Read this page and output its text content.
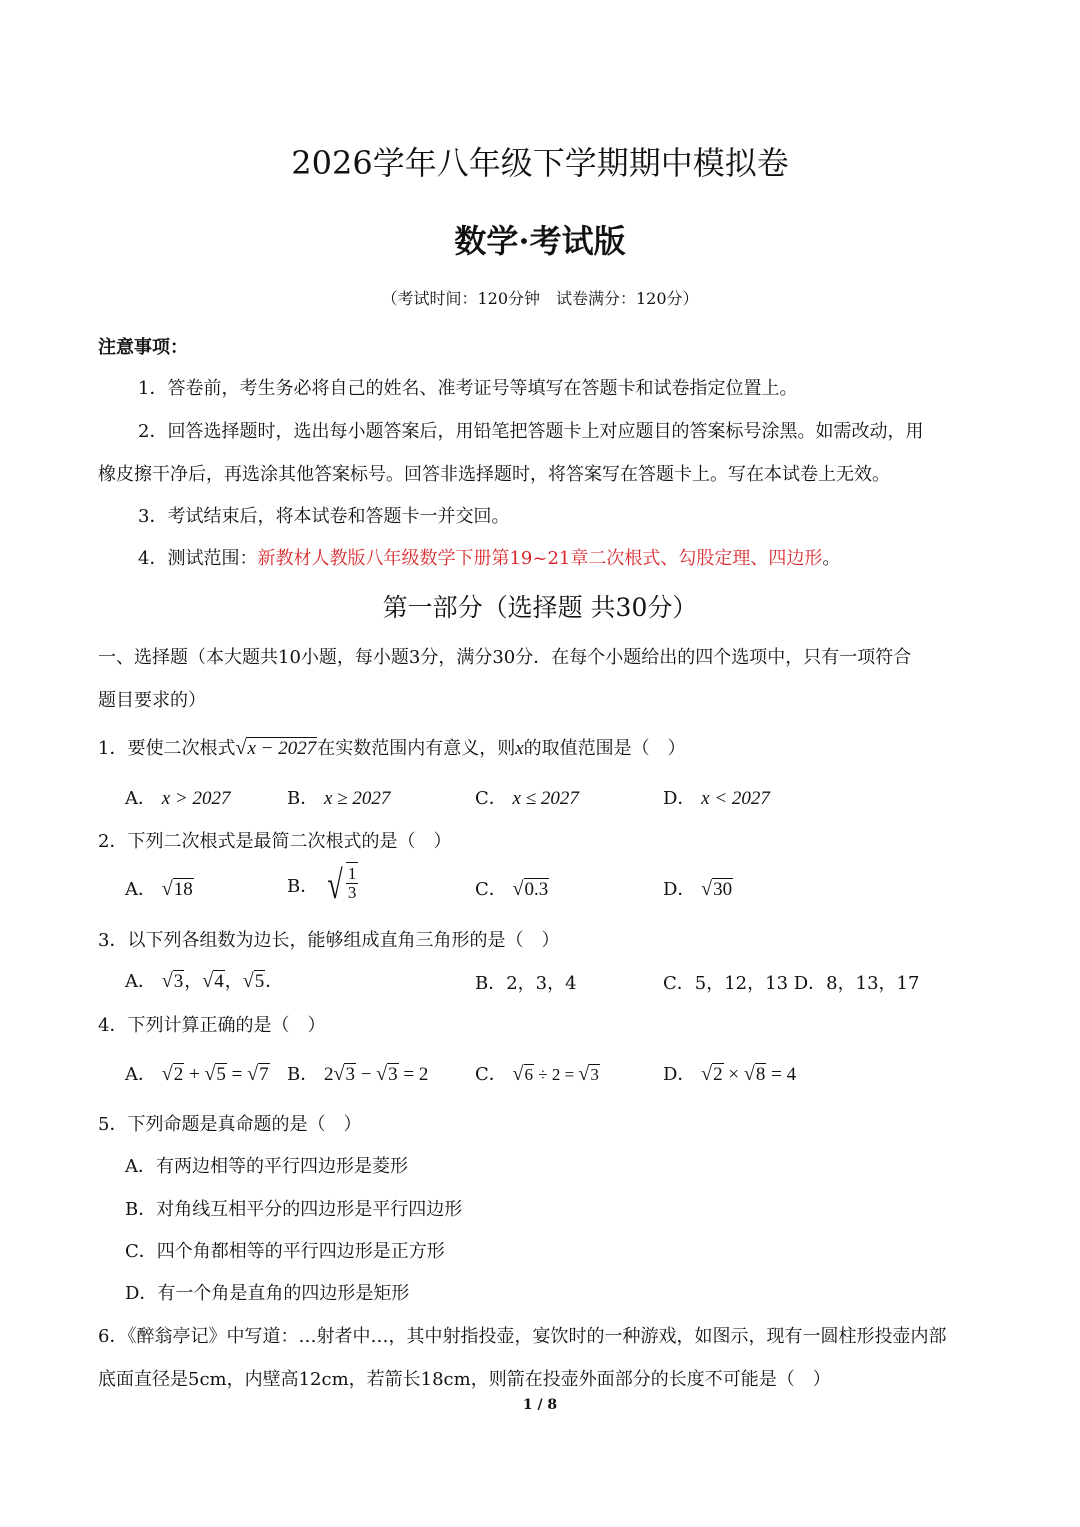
2026学年八年级下学期期中模拟卷
数学·考试版
（考试时间：120分钟　试卷满分：120分）
注意事项：
1．答卷前，考生务必将自己的姓名、准考证号等填写在答题卡和试卷指定位置上。
2．回答选择题时，选出每小题答案后，用铅笔把答题卡上对应题目的答案标号涂黑。如需改动，用
橡皮擦干净后，再选涂其他答案标号。回答非选择题时，将答案写在答题卡上。写在本试卷上无效。
3．考试结束后，将本试卷和答题卡一并交回。
4．测试范围：新教材人教版八年级数学下册第19~21章二次根式、勾股定理、四边形。
第一部分（选择题 共30分）
一、选择题（本大题共10小题，每小题3分，满分30分．在每个小题给出的四个选项中，只有一项符合
题目要求的）
1．要使二次根式√x − 2027在实数范围内有意义，则x的取值范围是（　）
A． x > 2027	B． x ≥ 2027	C． x ≤ 2027	D． x < 2027
2．下列二次根式是最简二次根式的是（　）
A． √18	B． √ $\frac{1}{3}$	C． √0.3	D． √30
3．以下列各组数为边长，能够组成直角三角形的是（　）
A． √3，√4，√5．	B．2，3，4	C．5，12，13 D．8，13，17
4．下列计算正确的是（　）
A． √2 + √5 = √7 B． 2√3 − √3 = 2	C． √6 ÷ 2 = √3	D． √2 × √8 = 4
5．下列命题是真命题的是（　）
A．有两边相等的平行四边形是菱形
B．对角线互相平分的四边形是平行四边形
C．四个角都相等的平行四边形是正方形
D．有一个角是直角的四边形是矩形
6．《醉翁亭记》中写道：…射者中…，其中射指投壶，宴饮时的一种游戏，如图示，现有一圆柱形投壶内部
底面直径是5cm，内壁高12cm，若箭长18cm，则箭在投壶外面部分的长度不可能是（　）
1 / 8
